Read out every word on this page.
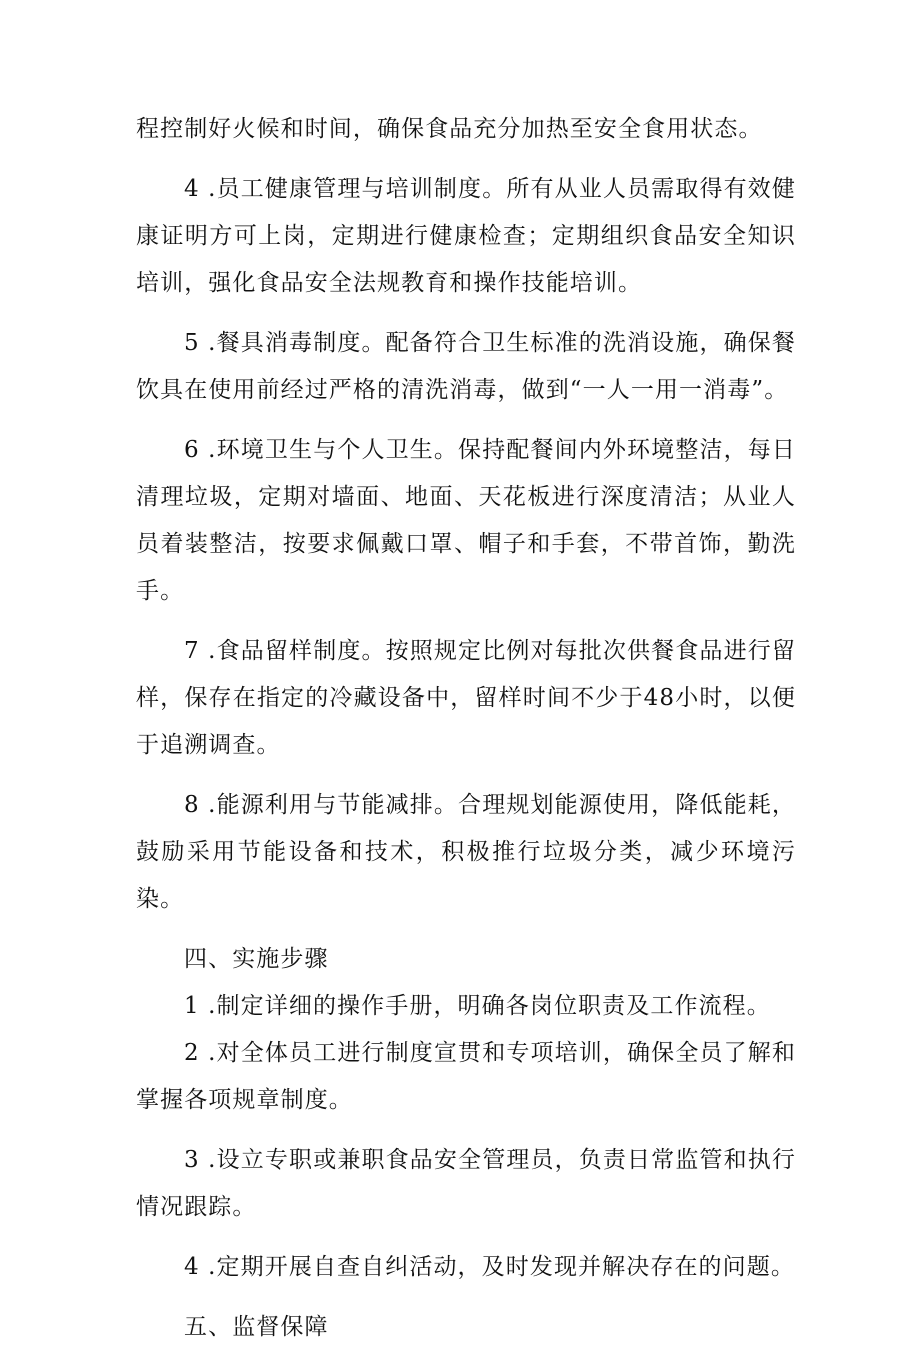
程控制好火候和时间，确保食品充分加热至安全食用状态。

4 .员工健康管理与培训制度。所有从业人员需取得有效健康证明方可上岗，定期进行健康检查；定期组织食品安全知识培训，强化食品安全法规教育和操作技能培训。

5 .餐具消毒制度。配备符合卫生标准的洗消设施，确保餐饮具在使用前经过严格的清洗消毒，做到“一人一用一消毒”。

6 .环境卫生与个人卫生。保持配餐间内外环境整洁，每日清理垃圾，定期对墙面、地面、天花板进行深度清洁；从业人员着装整洁，按要求佩戴口罩、帽子和手套，不带首饰，勤洗手。

7 .食品留样制度。按照规定比例对每批次供餐食品进行留样，保存在指定的冷藏设备中，留样时间不少于48小时，以便于追溯调查。

8 .能源利用与节能减排。合理规划能源使用，降低能耗，鼓励采用节能设备和技术，积极推行垃圾分类，减少环境污染。

四、实施步骤

1 .制定详细的操作手册，明确各岗位职责及工作流程。

2 .对全体员工进行制度宣贯和专项培训，确保全员了解和掌握各项规章制度。

3 .设立专职或兼职食品安全管理员，负责日常监管和执行情况跟踪。

4 .定期开展自查自纠活动，及时发现并解决存在的问题。

五、监督保障
